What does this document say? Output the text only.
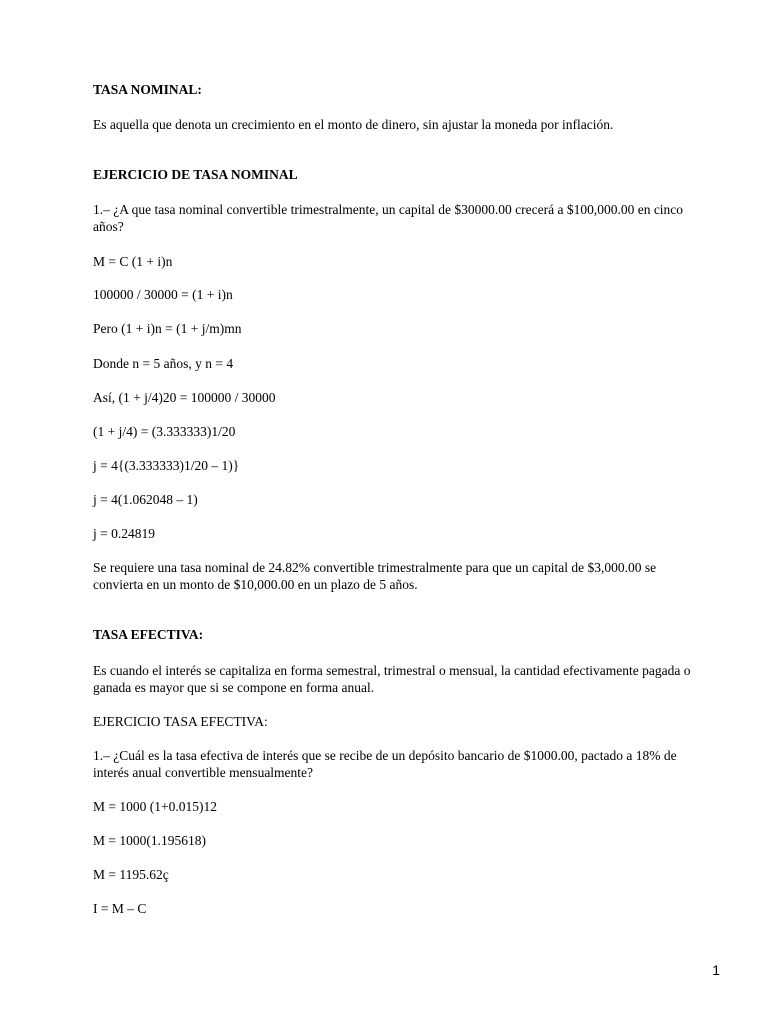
TASA NOMINAL:
Es aquella que denota un crecimiento en el monto de dinero, sin ajustar la moneda por inflación.
EJERCICIO DE TASA NOMINAL
1.– ¿A que tasa nominal convertible trimestralmente, un capital de $30000.00 crecerá a $100,000.00 en cinco
años?
M = C (1 + i)n
100000 / 30000 = (1 + i)n
Pero (1 + i)n = (1 + j/m)mn
Donde n = 5 años, y n = 4
Así, (1 + j/4)20 = 100000 / 30000
(1 + j/4) = (3.333333)1/20
j = 4{(3.333333)1/20 – 1)}
j = 4(1.062048 – 1)
j = 0.24819
Se requiere una tasa nominal de 24.82% convertible trimestralmente para que un capital de $3,000.00 se
convierta en un monto de $10,000.00 en un plazo de 5 años.
TASA EFECTIVA:
Es cuando el interés se capitaliza en forma semestral, trimestral o mensual, la cantidad efectivamente pagada o
ganada es mayor que si se compone en forma anual.
EJERCICIO TASA EFECTIVA:
1.– ¿Cuál es la tasa efectiva de interés que se recibe de un depósito bancario de $1000.00, pactado a 18% de
interés anual convertible mensualmente?
M = 1000 (1+0.015)12
M = 1000(1.195618)
M = 1195.62ç
I = M – C
1
